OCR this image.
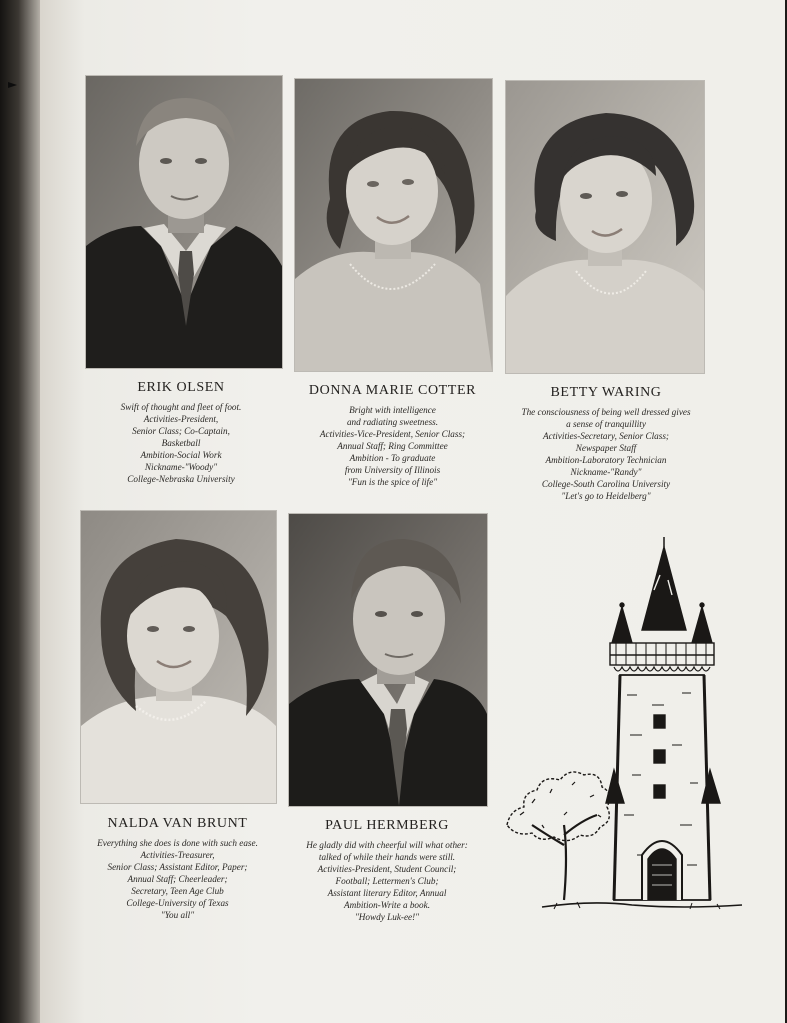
ERIK OLSEN
Swift of thought and fleet of foot.
Activities-President,
Senior Class; Co-Captain,
Basketball
Ambition-Social Work
Nickname-"Woody"
College-Nebraska University
DONNA MARIE COTTER
Bright with intelligence
and radiating sweetness.
Activities-Vice-President, Senior Class;
Annual Staff; Ring Committee
Ambition - To graduate
from University of Illinois
"Fun is the spice of life"
BETTY WARING
The consciousness of being well dressed gives
a sense of tranquillity
Activities-Secretary, Senior Class;
Newspaper Staff
Ambition-Laboratory Technician
Nickname-"Randy"
College-South Carolina University
"Let's go to Heidelberg"
NALDA VAN BRUNT
Everything she does is done with such ease.
Activities-Treasurer,
Senior Class; Assistant Editor, Paper;
Annual Staff; Cheerleader;
Secretary, Teen Age Club
College-University of Texas
"You all"
PAUL HERMBERG
He gladly did with cheerful will what other:
talked of while their hands were still.
Activities-President, Student Council;
Football; Lettermen's Club;
Assistant literary Editor, Annual
Ambition-Write a book.
"Howdy Luk-ee!"
